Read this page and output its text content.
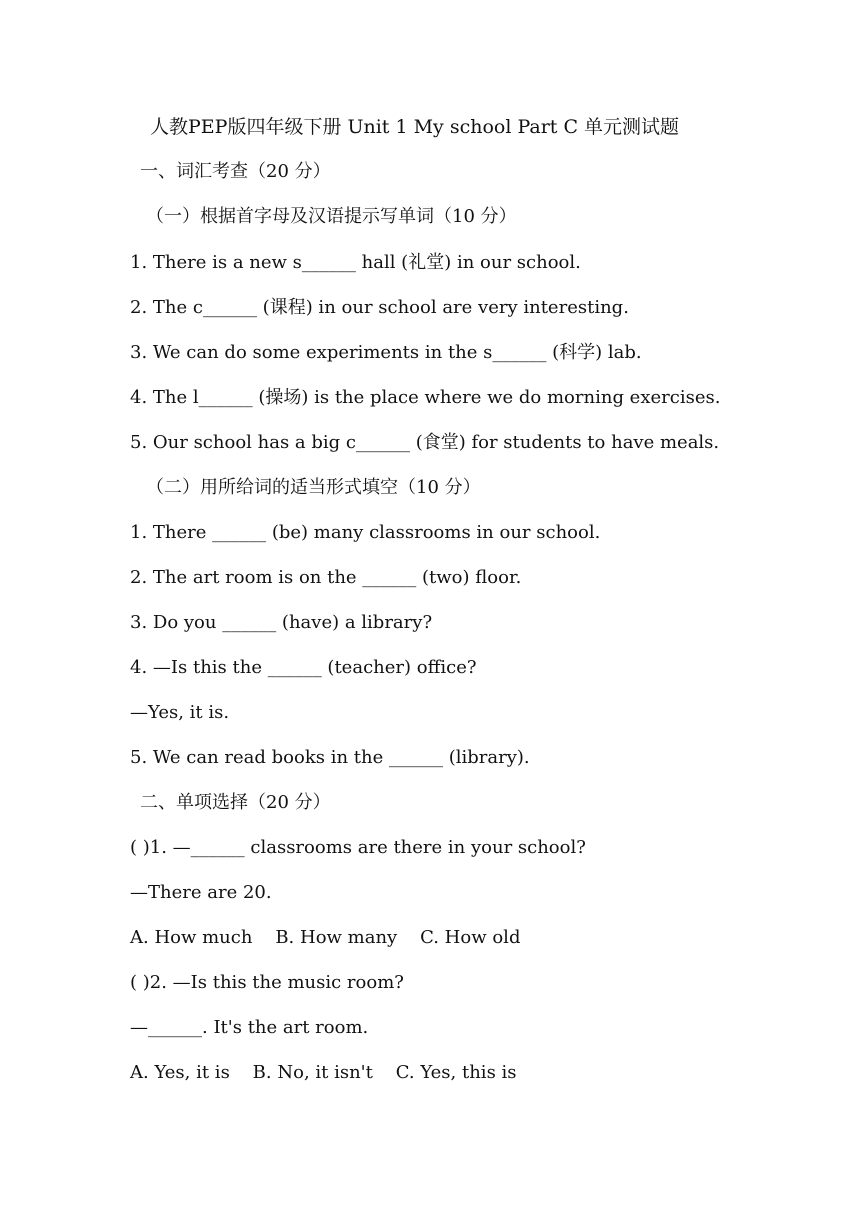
人教PEP版四年级下册 Unit 1 My school Part C 单元测试题
一、词汇考查（20 分）
（一）根据首字母及汉语提示写单词（10 分）
1. There is a new s______ hall (礼堂) in our school.
2. The c______ (课程) in our school are very interesting.
3. We can do some experiments in the s______ (科学) lab.
4. The l______ (操场) is the place where we do morning exercises.
5. Our school has a big c______ (食堂) for students to have meals.
（二）用所给词的适当形式填空（10 分）
1. There ______ (be) many classrooms in our school.
2. The art room is on the ______ (two) floor.
3. Do you ______ (have) a library?
4. —Is this the ______ (teacher) office?
—Yes, it is.
5. We can read books in the ______ (library).
二、单项选择（20 分）
( )1. —______ classrooms are there in your school?
—There are 20.
A. How much    B. How many    C. How old
( )2. —Is this the music room?
—______. It's the art room.
A. Yes, it is    B. No, it isn't    C. Yes, this is
